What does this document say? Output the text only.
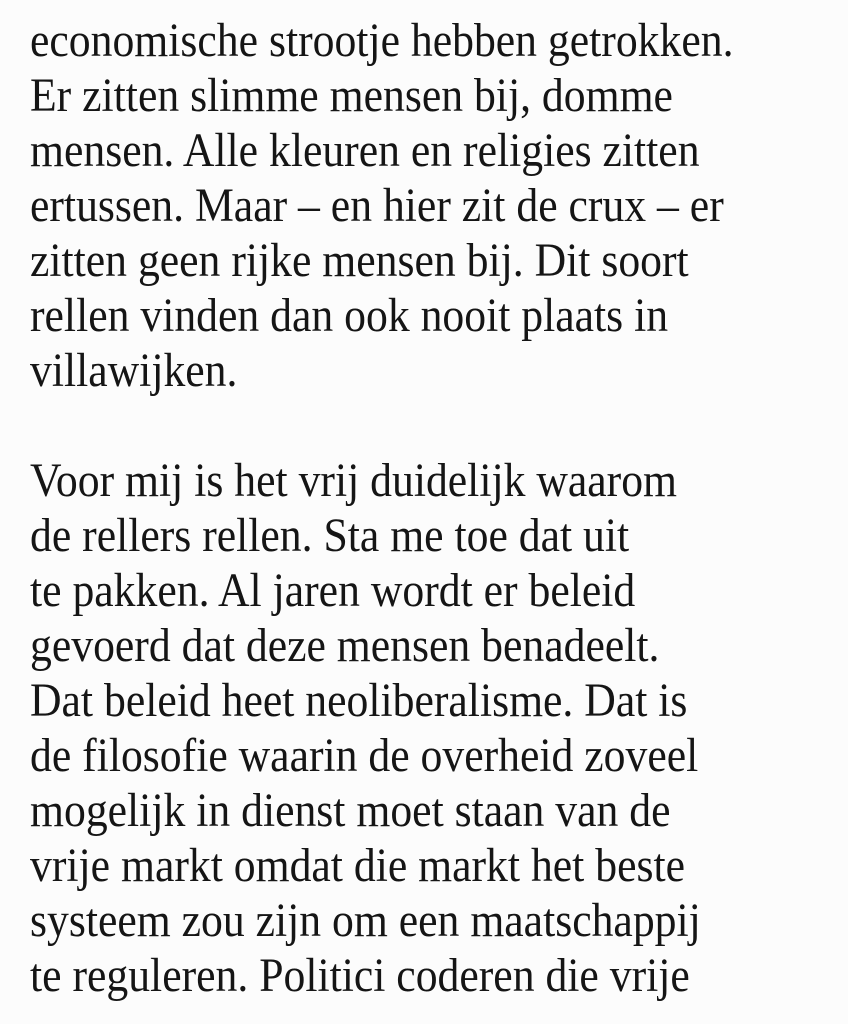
economische strootje hebben getrokken.
Er zitten slimme mensen bij, domme
mensen. Alle kleuren en religies zitten
ertussen. Maar – en hier zit de crux – er
zitten geen rijke mensen bij. Dit soort
rellen vinden dan ook nooit plaats in
villawijken.
Voor mij is het vrij duidelijk waarom
de rellers rellen. Sta me toe dat uit
te pakken. Al jaren wordt er beleid
gevoerd dat deze mensen benadeelt.
Dat beleid heet neoliberalisme. Dat is
de filosofie waarin de overheid zoveel
mogelijk in dienst moet staan van de
vrije markt omdat die markt het beste
systeem zou zijn om een maatschappij
te reguleren. Politici coderen die vrije
